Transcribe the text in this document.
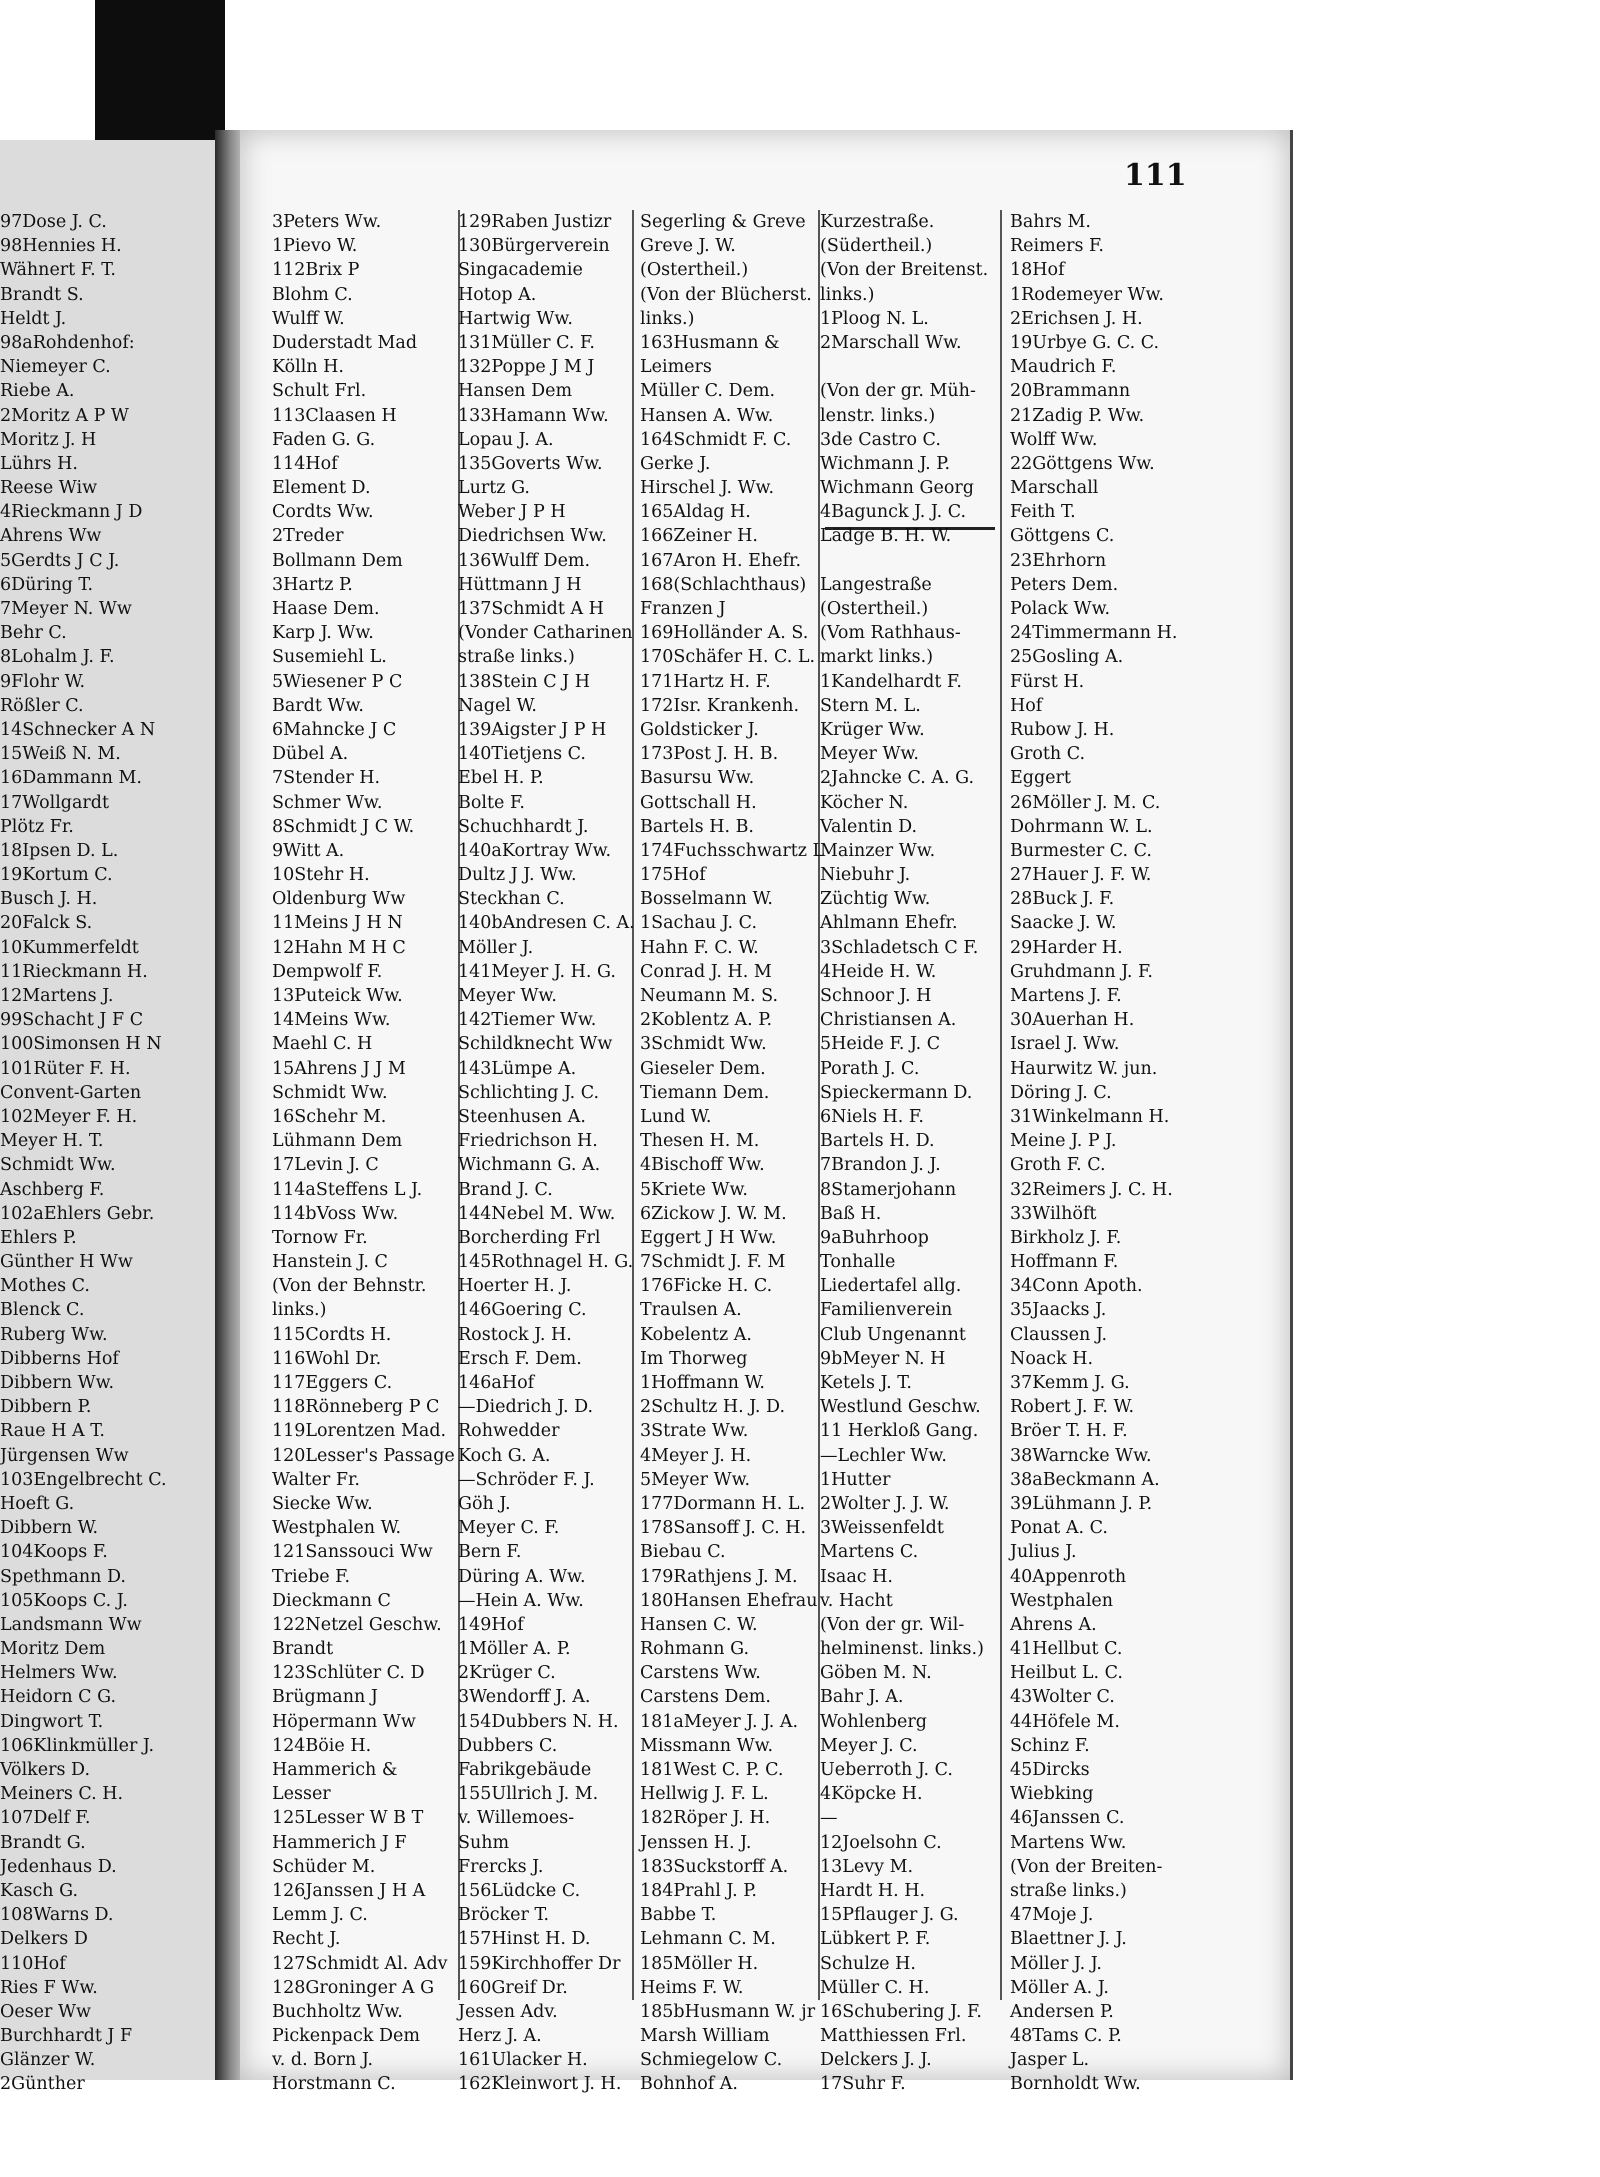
111
97Dose J. C.
98Hennies H.
Wähnert F. T.
Brandt S.
Heldt J.
98aRohdenhof:
Niemeyer C.
Riebe A.
2Moritz A P W
Moritz J. H
Lührs H.
Reese Wiw
4Rieckmann J D
Ahrens Ww
5Gerdts J C J.
6Düring T.
7Meyer N. Ww
Behr C.
8Lohalm J. F.
9Flohr W.
Rößler C.
14Schnecker A N
15Weiß N. M.
16Dammann M.
17Wollgardt
Plötz Fr.
18Ipsen D. L.
19Kortum C.
Busch J. H.
20Falck S.
10Kummerfeldt
11Rieckmann H.
12Martens J.
99Schacht J F C
100Simonsen H N
101Rüter F. H.
Convent-Garten
102Meyer F. H.
Meyer H. T.
Schmidt Ww.
Aschberg F.
102aEhlers Gebr.
Ehlers P.
Günther H Ww
Mothes C.
Blenck C.
Ruberg Ww.
Dibberns Hof
Dibbern Ww.
Dibbern P.
Raue H A T.
Jürgensen Ww
103Engelbrecht C.
Hoeft G.
Dibbern W.
104Koops F.
Spethmann D.
105Koops C. J.
Landsmann Ww
Moritz Dem
Helmers Ww.
Heidorn C G.
Dingwort T.
106Klinkmüller J.
Völkers D.
Meiners C. H.
107Delf F.
Brandt G.
Jedenhaus D.
Kasch G.
108Warns D.
Delkers D
110Hof
Ries F Ww.
Oeser Ww
Burchhardt J F
Glänzer W.
2Günther
3Peters Ww.
1Pievo W.
112Brix P
Blohm C.
Wulff W.
Duderstadt Mad
Kölln H.
Schult Frl.
113Claasen H
Faden G. G.
114Hof
Element D.
Cordts Ww.
2Treder
Bollmann Dem
3Hartz P.
Haase Dem.
Karp J. Ww.
Susemiehl L.
5Wiesener P C
Bardt Ww.
6Mahncke J C
Dübel A.
7Stender H.
Schmer Ww.
8Schmidt J C W.
9Witt A.
10Stehr H.
Oldenburg Ww
11Meins J H N
12Hahn M H C
Dempwolf F.
13Puteick Ww.
14Meins Ww.
Maehl C. H
15Ahrens J J M
Schmidt Ww.
16Schehr M.
Lühmann Dem
17Levin J. C
114aSteffens L J.
114bVoss Ww.
Tornow Fr.
Hanstein J. C
(Von der Behnstr.
links.)
115Cordts H.
116Wohl Dr.
117Eggers C.
118Rönneberg P C
119Lorentzen Mad.
120Lesser's Passage
Walter Fr.
Siecke Ww.
Westphalen W.
121Sanssouci Ww
Triebe F.
Dieckmann C
122Netzel Geschw.
Brandt
123Schlüter C. D
Brügmann J
Höpermann Ww
124Böie H.
Hammerich &
Lesser
125Lesser W B T
Hammerich J F
Schüder M.
126Janssen J H A
Lemm J. C.
Recht J.
127Schmidt Al. Adv
128Groninger A G
Buchholtz Ww.
Pickenpack Dem
v. d. Born J.
Horstmann C.
129Raben Justizr
130Bürgerverein
Singacademie
Hotop A.
Hartwig Ww.
131Müller C. F.
132Poppe J M J
Hansen Dem
133Hamann Ww.
Lopau J. A.
135Goverts Ww.
Lurtz G.
Weber J P H
Diedrichsen Ww.
136Wulff Dem.
Hüttmann J H
137Schmidt A H
(Vonder Catharinen
straße links.)
138Stein C J H
Nagel W.
139Aigster J P H
140Tietjens C.
Ebel H. P.
Bolte F.
Schuchhardt J.
140aKortray Ww.
Dultz J J. Ww.
Steckhan C.
140bAndresen C. A.
Möller J.
141Meyer J. H. G.
Meyer Ww.
142Tiemer Ww.
Schildknecht Ww
143Lümpe A.
Schlichting J. C.
Steenhusen A.
Friedrichson H.
Wichmann G. A.
Brand J. C.
144Nebel M. Ww.
Borcherding Frl
145Rothnagel H. G.
Hoerter H. J.
146Goering C.
Rostock J. H.
Ersch F. Dem.
146aHof
—Diedrich J. D.
Rohwedder
Koch G. A.
—Schröder F. J.
Göh J.
Meyer C. F.
Bern F.
Düring A. Ww.
—Hein A. Ww.
149Hof
1Möller A. P.
2Krüger C.
3Wendorff J. A.
154Dubbers N. H.
Dubbers C.
Fabrikgebäude
155Ullrich J. M.
v. Willemoes-
Suhm
Frercks J.
156Lüdcke C.
Bröcker T.
157Hinst H. D.
159Kirchhoffer Dr
160Greif Dr.
Jessen Adv.
Herz J. A.
161Ulacker H.
162Kleinwort J. H.
Segerling & Greve
Greve J. W.
(Ostertheil.)
(Von der Blücherst.
links.)
163Husmann &
Leimers
Müller C. Dem.
Hansen A. Ww.
164Schmidt F. C.
Gerke J.
Hirschel J. Ww.
165Aldag H.
166Zeiner H.
167Aron H. Ehefr.
168(Schlachthaus)
Franzen J
169Holländer A. S.
170Schäfer H. C. L.
171Hartz H. F.
172Isr. Krankenh.
Goldsticker J.
173Post J. H. B.
Basursu Ww.
Gottschall H.
Bartels H. B.
174Fuchsschwartz L
175Hof
Bosselmann W.
1Sachau J. C.
Hahn F. C. W.
Conrad J. H. M
Neumann M. S.
2Koblentz A. P.
3Schmidt Ww.
Gieseler Dem.
Tiemann Dem.
Lund W.
Thesen H. M.
4Bischoff Ww.
5Kriete Ww.
6Zickow J. W. M.
Eggert J H Ww.
7Schmidt J. F. M
176Ficke H. C.
Traulsen A.
Kobelentz A.
Im Thorweg
1Hoffmann W.
2Schultz H. J. D.
3Strate Ww.
4Meyer J. H.
5Meyer Ww.
177Dormann H. L.
178Sansoff J. C. H.
Biebau C.
179Rathjens J. M.
180Hansen Ehefrau
Hansen C. W.
Rohmann G.
Carstens Ww.
Carstens Dem.
181aMeyer J. J. A.
Missmann Ww.
181West C. P. C.
Hellwig J. F. L.
182Röper J. H.
Jenssen H. J.
183Suckstorff A.
184Prahl J. P.
Babbe T.
Lehmann C. M.
185Möller H.
Heims F. W.
185bHusmann W. jr
Marsh William
Schmiegelow C.
Bohnhof A.
Kurzestraße.
(Südertheil.)
(Von der Breitenst.
links.)
1Ploog N. L.
2Marschall Ww.
(Von der gr. Müh-
lenstr. links.)
3de Castro C.
Wichmann J. P.
Wichmann Georg
4Bagunck J. J. C.
Lädge B. H. W.
Langestraße
(Ostertheil.)
(Vom Rathhaus-
markt links.)
1Kandelhardt F.
Stern M. L.
Krüger Ww.
Meyer Ww.
2Jahncke C. A. G.
Köcher N.
Valentin D.
Mainzer Ww.
Niebuhr J.
Züchtig Ww.
Ahlmann Ehefr.
3Schladetsch C F.
4Heide H. W.
Schnoor J. H
Christiansen A.
5Heide F. J. C
Porath J. C.
Spieckermann D.
6Niels H. F.
Bartels H. D.
7Brandon J. J.
8Stamerjohann
Baß H.
9aBuhrhoop
Tonhalle
Liedertafel allg.
Familienverein
Club Ungenannt
9bMeyer N. H
Ketels J. T.
Westlund Geschw.
11 Herkloß Gang.
—Lechler Ww.
1Hutter
2Wolter J. J. W.
3Weissenfeldt
Martens C.
Isaac H.
v. Hacht
(Von der gr. Wil-
helminenst. links.)
Göben M. N.
Bahr J. A.
Wohlenberg
Meyer J. C.
Ueberroth J. C.
4Köpcke H.
—
12Joelsohn C.
13Levy M.
Hardt H. H.
15Pflauger J. G.
Lübkert P. F.
Schulze H.
Müller C. H.
16Schubering J. F.
Matthiessen Frl.
Delckers J. J.
17Suhr F.
Bahrs M.
Reimers F.
18Hof
1Rodemeyer Ww.
2Erichsen J. H.
19Urbye G. C. C.
Maudrich F.
20Brammann
21Zadig P. Ww.
Wolff Ww.
22Göttgens Ww.
Marschall
Feith T.
Göttgens C.
23Ehrhorn
Peters Dem.
Polack Ww.
24Timmermann H.
25Gosling A.
Fürst H.
Hof
Rubow J. H.
Groth C.
Eggert
26Möller J. M. C.
Dohrmann W. L.
Burmester C. C.
27Hauer J. F. W.
28Buck J. F.
Saacke J. W.
29Harder H.
Gruhdmann J. F.
Martens J. F.
30Auerhan H.
Israel J. Ww.
Haurwitz W. jun.
Döring J. C.
31Winkelmann H.
Meine J. P J.
Groth F. C.
32Reimers J. C. H.
33Wilhöft
Birkholz J. F.
Hoffmann F.
34Conn Apoth.
35Jaacks J.
Claussen J.
Noack H.
37Kemm J. G.
Robert J. F. W.
Bröer T. H. F.
38Warncke Ww.
38aBeckmann A.
39Lühmann J. P.
Ponat A. C.
Julius J.
40Appenroth
Westphalen
Ahrens A.
41Hellbut C.
Heilbut L. C.
43Wolter C.
44Höfele M.
Schinz F.
45Dircks
Wiebking
46Janssen C.
Martens Ww.
(Von der Breiten-
straße links.)
47Moje J.
Blaettner J. J.
Möller J. J.
Möller A. J.
Andersen P.
48Tams C. P.
Jasper L.
Bornholdt Ww.
